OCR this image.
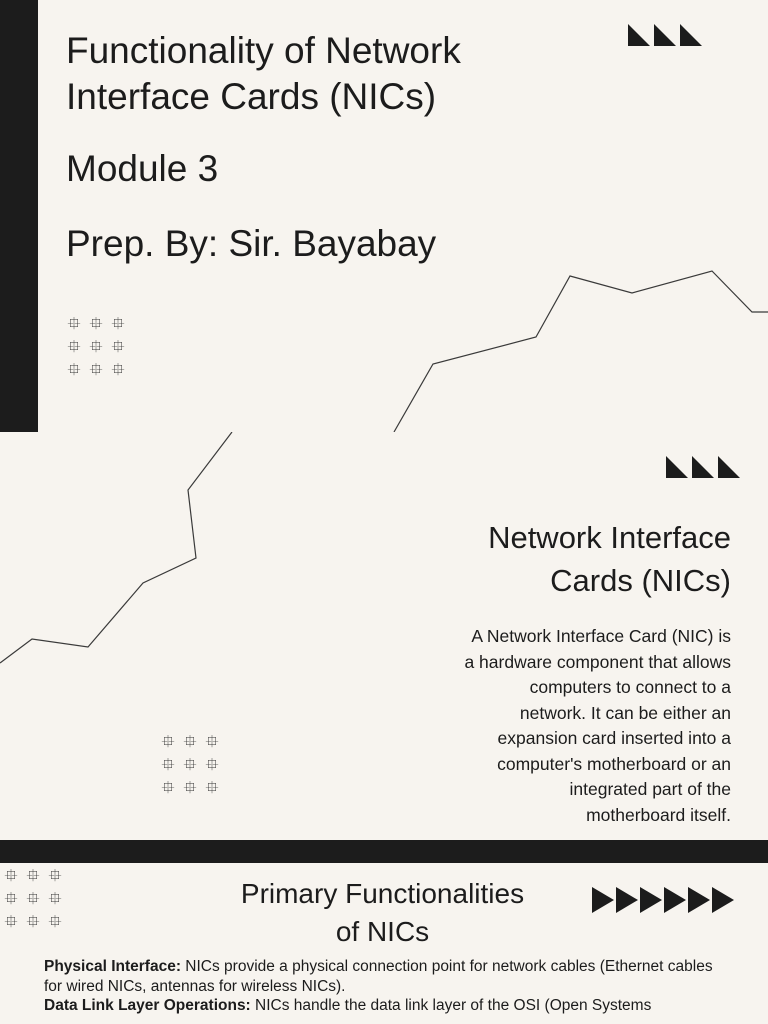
Functionality of Network
Interface Cards (NICs)
Module 3
Prep. By: Sir. Bayabay
⯐ ⯐ ⯐
⯐ ⯐ ⯐
⯐ ⯐ ⯐
Network Interface
Cards (NICs)
A Network Interface Card (NIC) is
a hardware component that allows
computers to connect to a
network. It can be either an
expansion card inserted into a
computer's motherboard or an
integrated part of the
motherboard itself.
⯐ ⯐ ⯐
⯐ ⯐ ⯐
⯐ ⯐ ⯐
⯐ ⯐ ⯐
⯐ ⯐ ⯐
⯐ ⯐ ⯐
Primary Functionalities
of NICs

Physical Interface: NICs provide a physical connection point for network cables (Ethernet cables for wired NICs, antennas for wireless NICs).

Data Link Layer Operations: NICs handle the data link layer of the OSI (Open Systems
